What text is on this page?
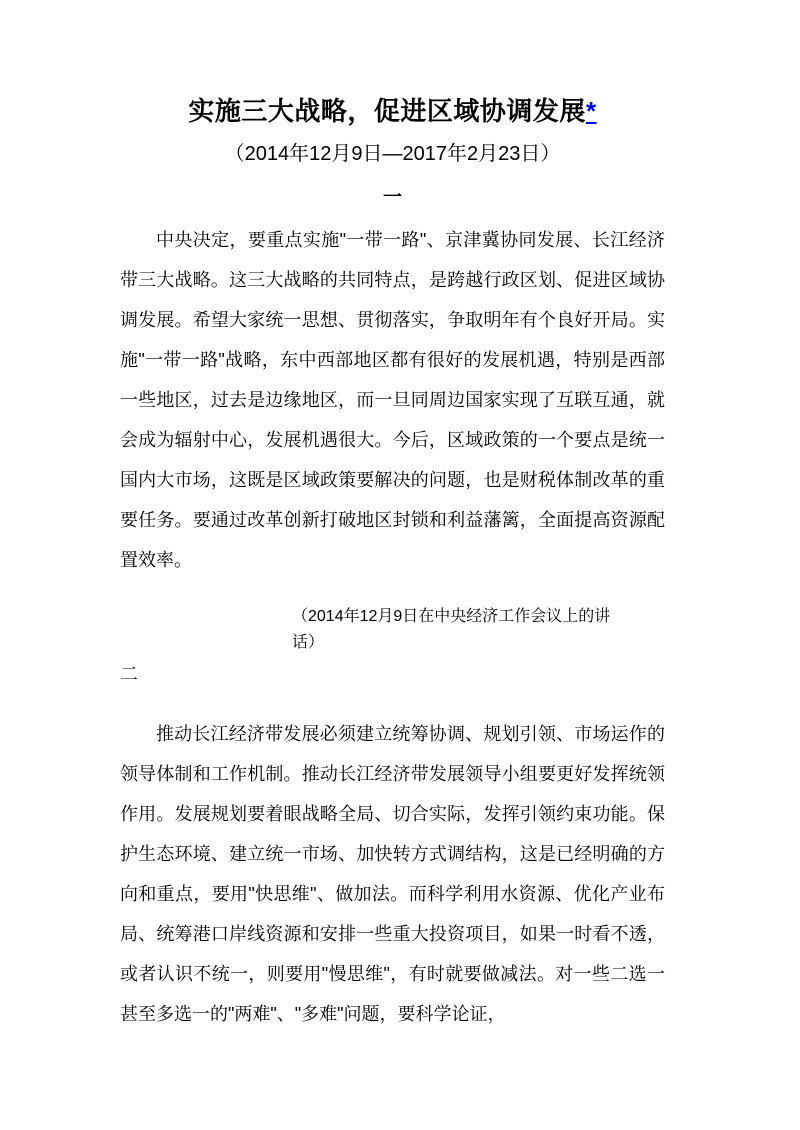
实施三大战略，促进区域协调发展*
（2014年12月9日—2017年2月23日）
一

中央决定，要重点实施"一带一路"、京津冀协同发展、长江经济带三大战略。这三大战略的共同特点，是跨越行政区划、促进区域协调发展。希望大家统一思想、贯彻落实，争取明年有个良好开局。实施"一带一路"战略，东中西部地区都有很好的发展机遇，特别是西部一些地区，过去是边缘地区，而一旦同周边国家实现了互联互通，就会成为辐射中心，发展机遇很大。今后，区域政策的一个要点是统一国内大市场，这既是区域政策要解决的问题，也是财税体制改革的重要任务。要通过改革创新打破地区封锁和利益藩篱，全面提高资源配置效率。

（2014年12月9日在中央经济工作会议上的讲话）
二

推动长江经济带发展必须建立统筹协调、规划引领、市场运作的领导体制和工作机制。推动长江经济带发展领导小组要更好发挥统领作用。发展规划要着眼战略全局、切合实际，发挥引领约束功能。保护生态环境、建立统一市场、加快转方式调结构，这是已经明确的方向和重点，要用"快思维"、做加法。而科学利用水资源、优化产业布局、统筹港口岸线资源和安排一些重大投资项目，如果一时看不透，或者认识不统一，则要用"慢思维"，有时就要做减法。对一些二选一甚至多选一的"两难"、"多难"问题，要科学论证，
